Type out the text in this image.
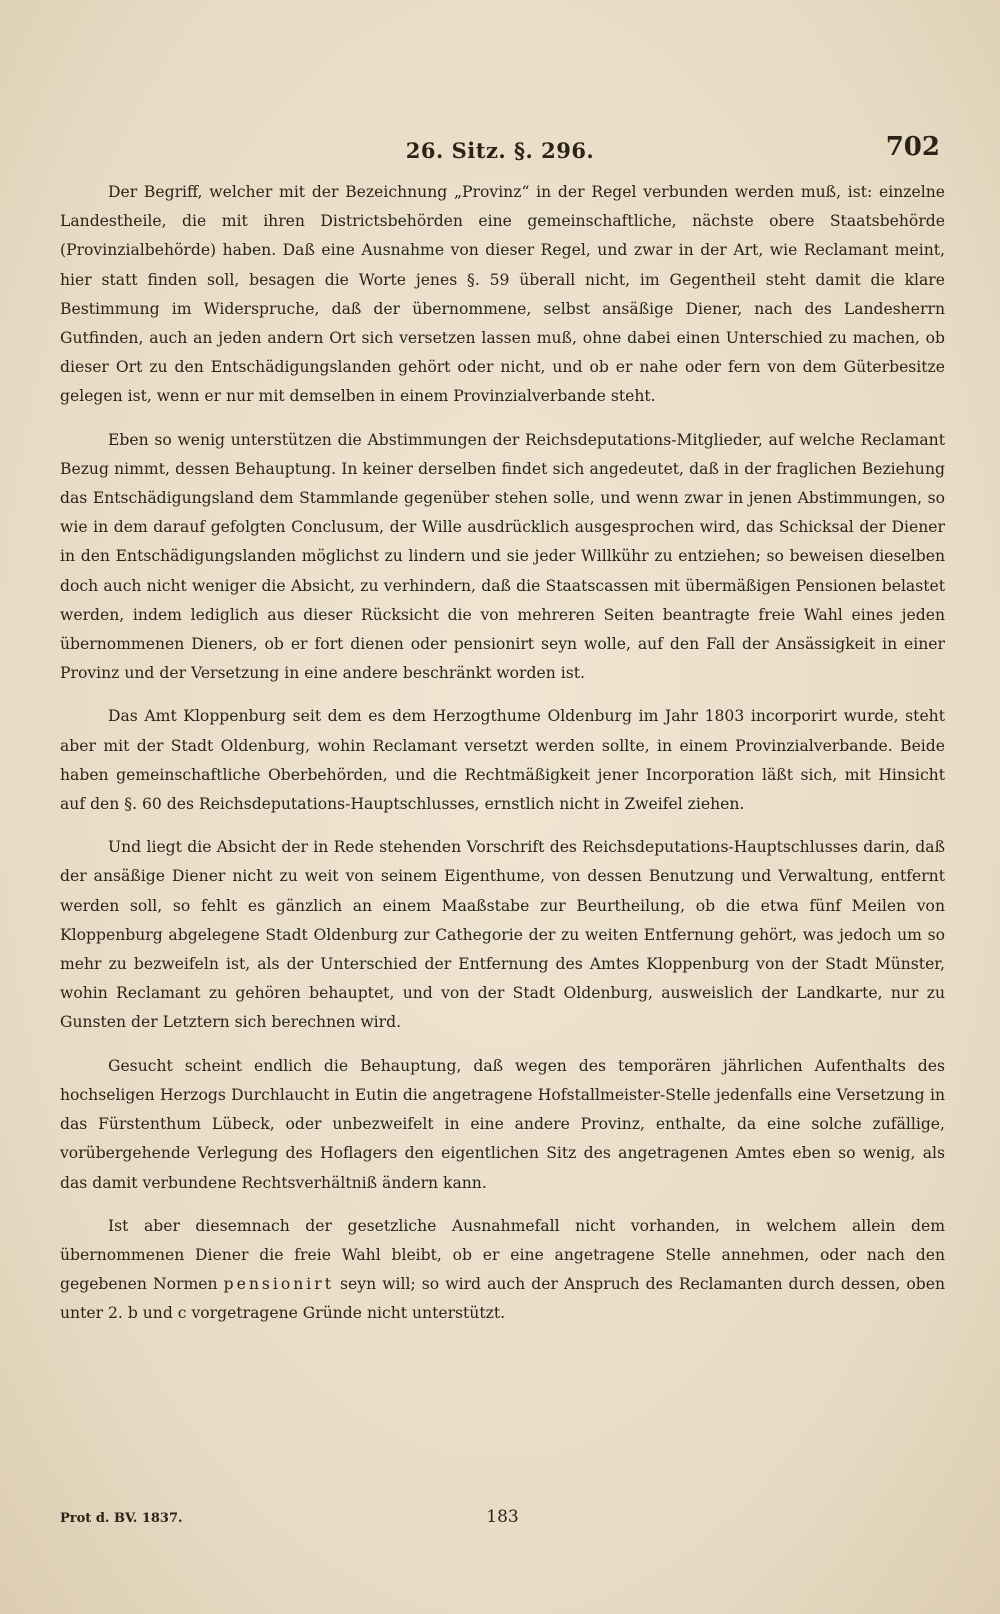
26. Sitz. §. 296.	702

Der Begriff, welcher mit der Bezeichnung „Provinz“ in der Regel verbunden werden muß, ist: einzelne Landestheile, die mit ihren Districtsbehörden eine gemeinschaftliche, nächste obere Staatsbehörde (Provinzialbehörde) haben. Daß eine Ausnahme von dieser Regel, und zwar in der Art, wie Reclamant meint, hier statt finden soll, besagen die Worte jenes §. 59 überall nicht, im Gegentheil steht damit die klare Bestimmung im Widerspruche, daß der übernommene, selbst ansäßige Diener, nach des Landesherrn Gutfinden, auch an jeden andern Ort sich versetzen lassen muß, ohne dabei einen Unterschied zu machen, ob dieser Ort zu den Entschädigungslanden gehört oder nicht, und ob er nahe oder fern von dem Güterbesitze gelegen ist, wenn er nur mit demselben in einem Provinzialverbande steht.

Eben so wenig unterstützen die Abstimmungen der Reichsdeputations-Mitglieder, auf welche Reclamant Bezug nimmt, dessen Behauptung. In keiner derselben findet sich angedeutet, daß in der fraglichen Beziehung das Entschädigungsland dem Stammlande gegenüber stehen solle, und wenn zwar in jenen Abstimmungen, so wie in dem darauf gefolgten Conclusum, der Wille ausdrücklich ausgesprochen wird, das Schicksal der Diener in den Entschädigungslanden möglichst zu lindern und sie jeder Willkühr zu entziehen; so beweisen dieselben doch auch nicht weniger die Absicht, zu verhindern, daß die Staatscassen mit übermäßigen Pensionen belastet werden, indem lediglich aus dieser Rücksicht die von mehreren Seiten beantragte freie Wahl eines jeden übernommenen Dieners, ob er fort dienen oder pensionirt seyn wolle, auf den Fall der Ansässigkeit in einer Provinz und der Versetzung in eine andere beschränkt worden ist.

Das Amt Kloppenburg seit dem es dem Herzogthume Oldenburg im Jahr 1803 incorporirt wurde, steht aber mit der Stadt Oldenburg, wohin Reclamant versetzt werden sollte, in einem Provinzialverbande. Beide haben gemeinschaftliche Oberbehörden, und die Rechtmäßigkeit jener Incorporation läßt sich, mit Hinsicht auf den §. 60 des Reichsdeputations-Hauptschlusses, ernstlich nicht in Zweifel ziehen.

Und liegt die Absicht der in Rede stehenden Vorschrift des Reichsdeputations-Hauptschlusses darin, daß der ansäßige Diener nicht zu weit von seinem Eigenthume, von dessen Benutzung und Verwaltung, entfernt werden soll, so fehlt es gänzlich an einem Maaßstabe zur Beurtheilung, ob die etwa fünf Meilen von Kloppenburg abgelegene Stadt Oldenburg zur Cathegorie der zu weiten Entfernung gehört, was jedoch um so mehr zu bezweifeln ist, als der Unterschied der Entfernung des Amtes Kloppenburg von der Stadt Münster, wohin Reclamant zu gehören behauptet, und von der Stadt Oldenburg, ausweislich der Landkarte, nur zu Gunsten der Letztern sich berechnen wird.

Gesucht scheint endlich die Behauptung, daß wegen des temporären jährlichen Aufenthalts des hochseligen Herzogs Durchlaucht in Eutin die angetragene Hofstallmeister-Stelle jedenfalls eine Versetzung in das Fürstenthum Lübeck, oder unbezweifelt in eine andere Provinz, enthalte, da eine solche zufällige, vorübergehende Verlegung des Hoflagers den eigentlichen Sitz des angetragenen Amtes eben so wenig, als das damit verbundene Rechtsverhältniß ändern kann.

Ist aber diesemnach der gesetzliche Ausnahmefall nicht vorhanden, in welchem allein dem übernommenen Diener die freie Wahl bleibt, ob er eine angetragene Stelle annehmen, oder nach den gegebenen Normen pensionirt seyn will; so wird auch der Anspruch des Reclamanten durch dessen, oben unter 2. b und c vorgetragene Gründe nicht unterstützt.

Prot d. BV. 1837.	183
